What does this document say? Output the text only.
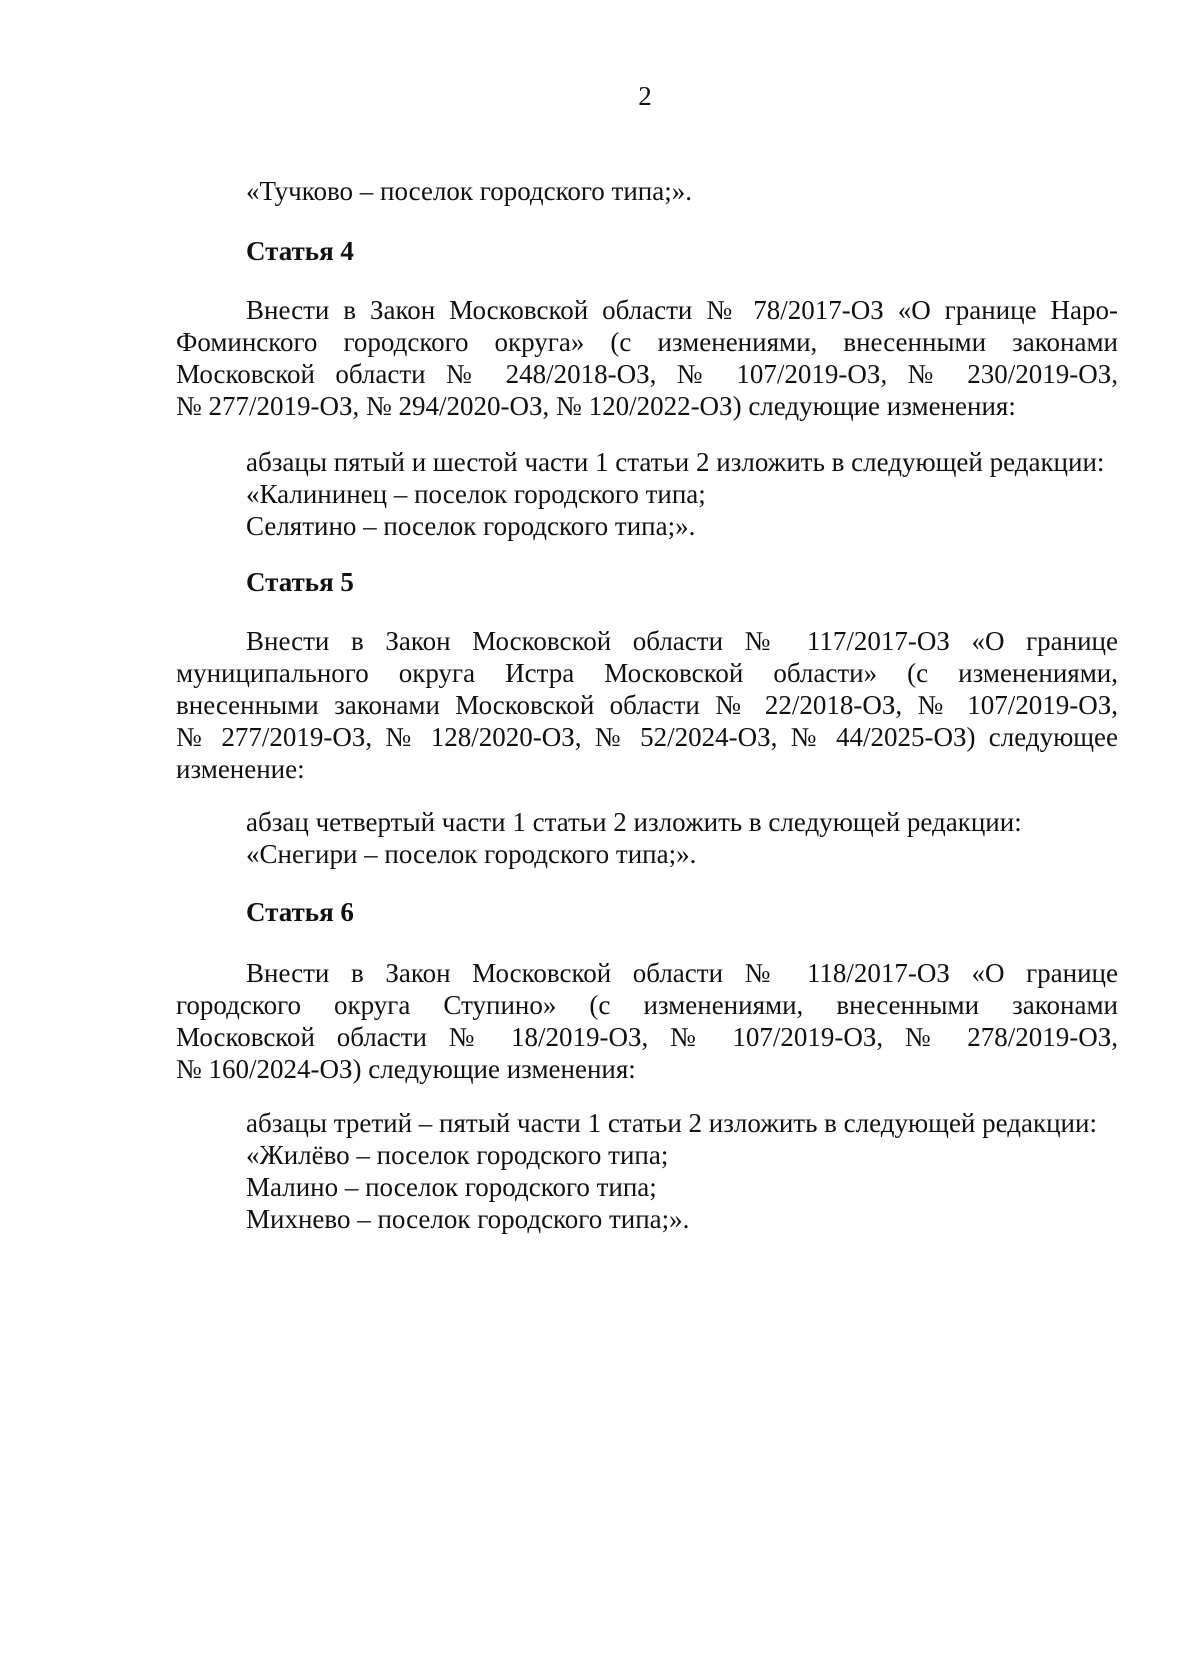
2
«Тучково – поселок городского типа;».
Статья 4
Внести в Закон Московской области № 78/2017-ОЗ «О границе Наро-
Фоминского городского округа» (с изменениями, внесенными законами
Московской области № 248/2018-ОЗ, № 107/2019-ОЗ, № 230/2019-ОЗ,
№ 277/2019-ОЗ, № 294/2020-ОЗ, № 120/2022-ОЗ) следующие изменения:
абзацы пятый и шестой части 1 статьи 2 изложить в следующей редакции:
«Калининец – поселок городского типа;
Селятино – поселок городского типа;».
Статья 5
Внести в Закон Московской области № 117/2017-ОЗ «О границе
муниципального округа Истра Московской области» (с изменениями,
внесенными законами Московской области № 22/2018-ОЗ, № 107/2019-ОЗ,
№ 277/2019-ОЗ, № 128/2020-ОЗ, № 52/2024-ОЗ, № 44/2025-ОЗ) следующее
изменение:
абзац четвертый части 1 статьи 2 изложить в следующей редакции:
«Снегири – поселок городского типа;».
Статья 6
Внести в Закон Московской области № 118/2017-ОЗ «О границе
городского округа Ступино» (с изменениями, внесенными законами
Московской области № 18/2019-ОЗ, № 107/2019-ОЗ, № 278/2019-ОЗ,
№ 160/2024-ОЗ) следующие изменения:
абзацы третий – пятый части 1 статьи 2 изложить в следующей редакции:
«Жилёво – поселок городского типа;
Малино – поселок городского типа;
Михнево – поселок городского типа;».
